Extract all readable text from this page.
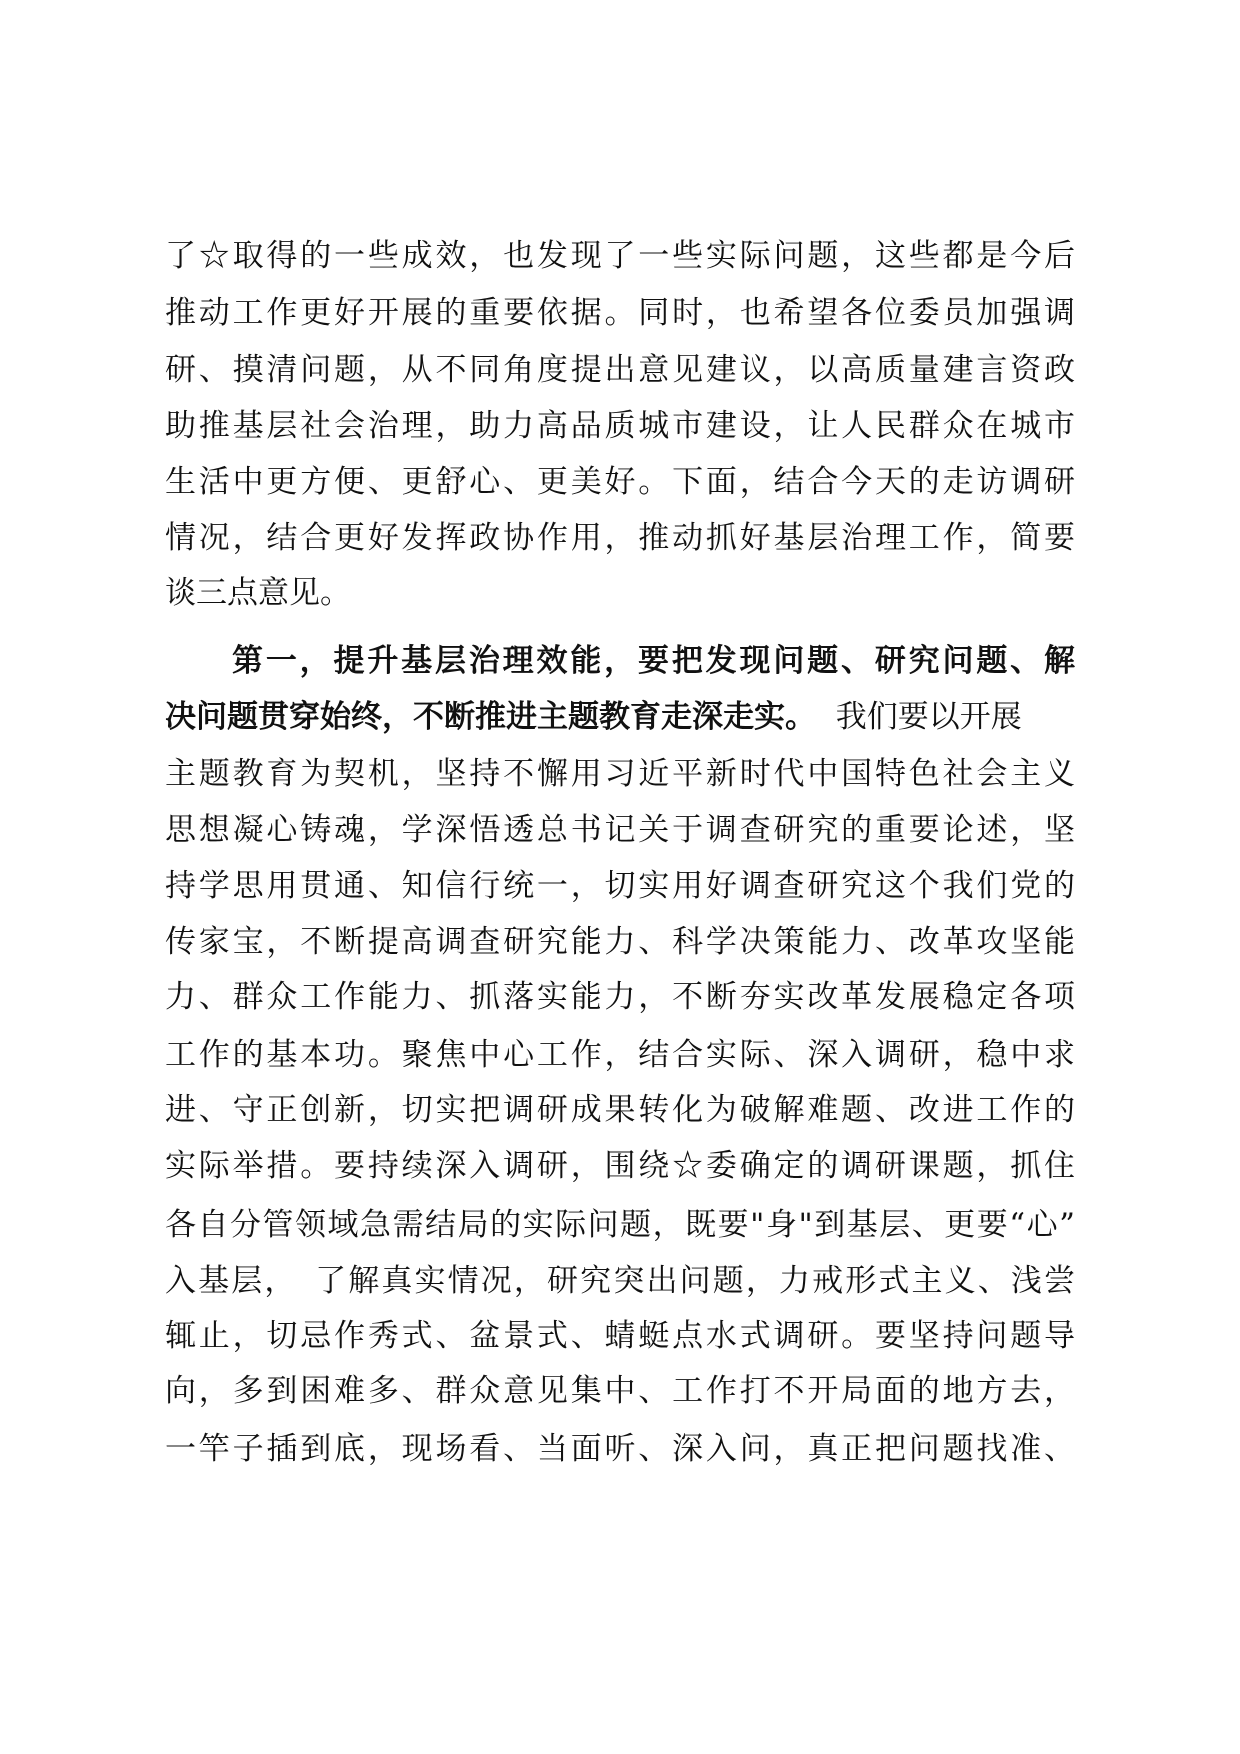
了☆取得的一些成效，也发现了一些实际问题，这些都是今后
推动工作更好开展的重要依据。同时，也希望各位委员加强调
研、摸清问题，从不同角度提出意见建议，以高质量建言资政
助推基层社会治理，助力高品质城市建设，让人民群众在城市
生活中更方便、更舒心、更美好。下面，结合今天的走访调研
情况，结合更好发挥政协作用，推动抓好基层治理工作，简要
谈三点意见。
第一，提升基层治理效能，要把发现问题、研究问题、解
决问题贯穿始终，不断推进主题教育走深走实。  我们要以开展
主题教育为契机，坚持不懈用习近平新时代中国特色社会主义
思想凝心铸魂，学深悟透总书记关于调查研究的重要论述，坚
持学思用贯通、知信行统一，切实用好调查研究这个我们党的
传家宝，不断提高调查研究能力、科学决策能力、改革攻坚能
力、群众工作能力、抓落实能力，不断夯实改革发展稳定各项
工作的基本功。聚焦中心工作，结合实际、深入调研，稳中求
进、守正创新，切实把调研成果转化为破解难题、改进工作的
实际举措。要持续深入调研，围绕☆委确定的调研课题，抓住
各自分管领域急需结局的实际问题，既要"身"到基层、更要“心”
入基层，　了解真实情况，研究突出问题，力戒形式主义、浅尝
辄止，切忌作秀式、盆景式、蜻蜓点水式调研。要坚持问题导
向，多到困难多、群众意见集中、工作打不开局面的地方去，
一竿子插到底，现场看、当面听、深入问，真正把问题找准、
